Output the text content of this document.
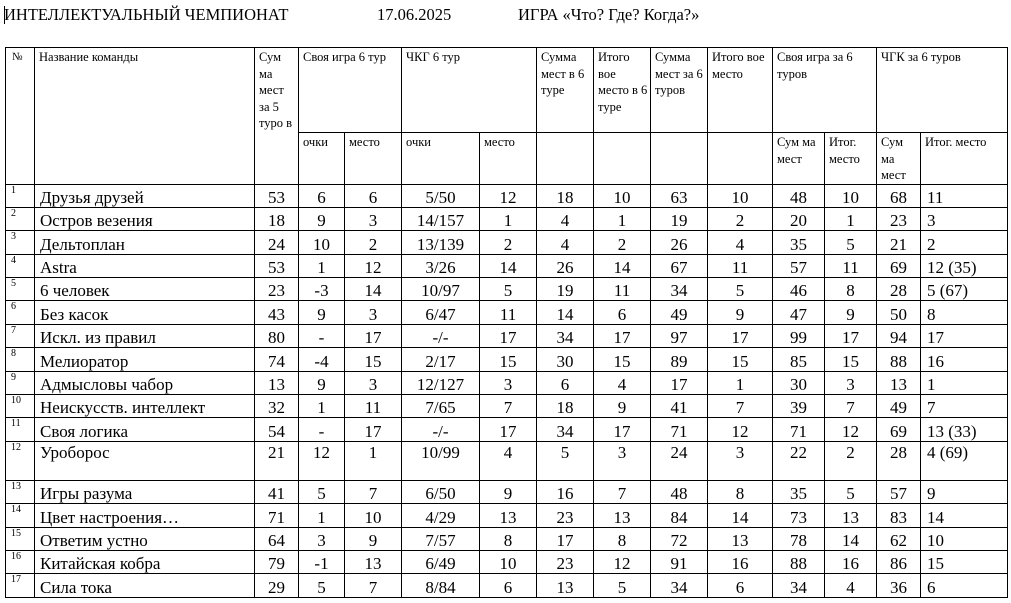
ИНТЕЛЛЕКТУАЛЬНЫЙ ЧЕМПИОНАТ	17.06.2025	ИГРА «Что? Где? Когда?»
№	Название команды	Сум ма мест за 5 туро в	Своя игра 6 тур		ЧКГ 6 тур		Сумма мест в 6 туре	Итого вое место в 6 туре	Сумма мест за 6 туров	Итого вое место	Своя игра за 6 туров		ЧГК за 6 туров	
			очки	место	очки	место					Сум ма мест	Итог. место	Сум ма мест	Итог. место
1	Друзья друзей	53	6	6	5/50	12	18	10	63	10	48	10	68	11
2	Остров везения	18	9	3	14/157	1	4	1	19	2	20	1	23	3
3	Дельтоплан	24	10	2	13/139	2	4	2	26	4	35	5	21	2
4	Astra	53	1	12	3/26	14	26	14	67	11	57	11	69	12 (35)
5	6 человек	23	-3	14	10/97	5	19	11	34	5	46	8	28	5 (67)
6	Без касок	43	9	3	6/47	11	14	6	49	9	47	9	50	8
7	Искл. из правил	80	-	17	-/-	17	34	17	97	17	99	17	94	17
8	Мелиоратор	74	-4	15	2/17	15	30	15	89	15	85	15	88	16
9	Адмысловы чабор	13	9	3	12/127	3	6	4	17	1	30	3	13	1
10	Неискусств. интеллект	32	1	11	7/65	7	18	9	41	7	39	7	49	7
11	Своя логика	54	-	17	-/-	17	34	17	71	12	71	12	69	13 (33)
12	Уроборос	21	12	1	10/99	4	5	3	24	3	22	2	28	4 (69)
13	Игры разума	41	5	7	6/50	9	16	7	48	8	35	5	57	9
14	Цвет настроения…	71	1	10	4/29	13	23	13	84	14	73	13	83	14
15	Ответим устно	64	3	9	7/57	8	17	8	72	13	78	14	62	10
16	Китайская кобра	79	-1	13	6/49	10	23	12	91	16	88	16	86	15
17	Сила тока	29	5	7	8/84	6	13	5	34	6	34	4	36	6
